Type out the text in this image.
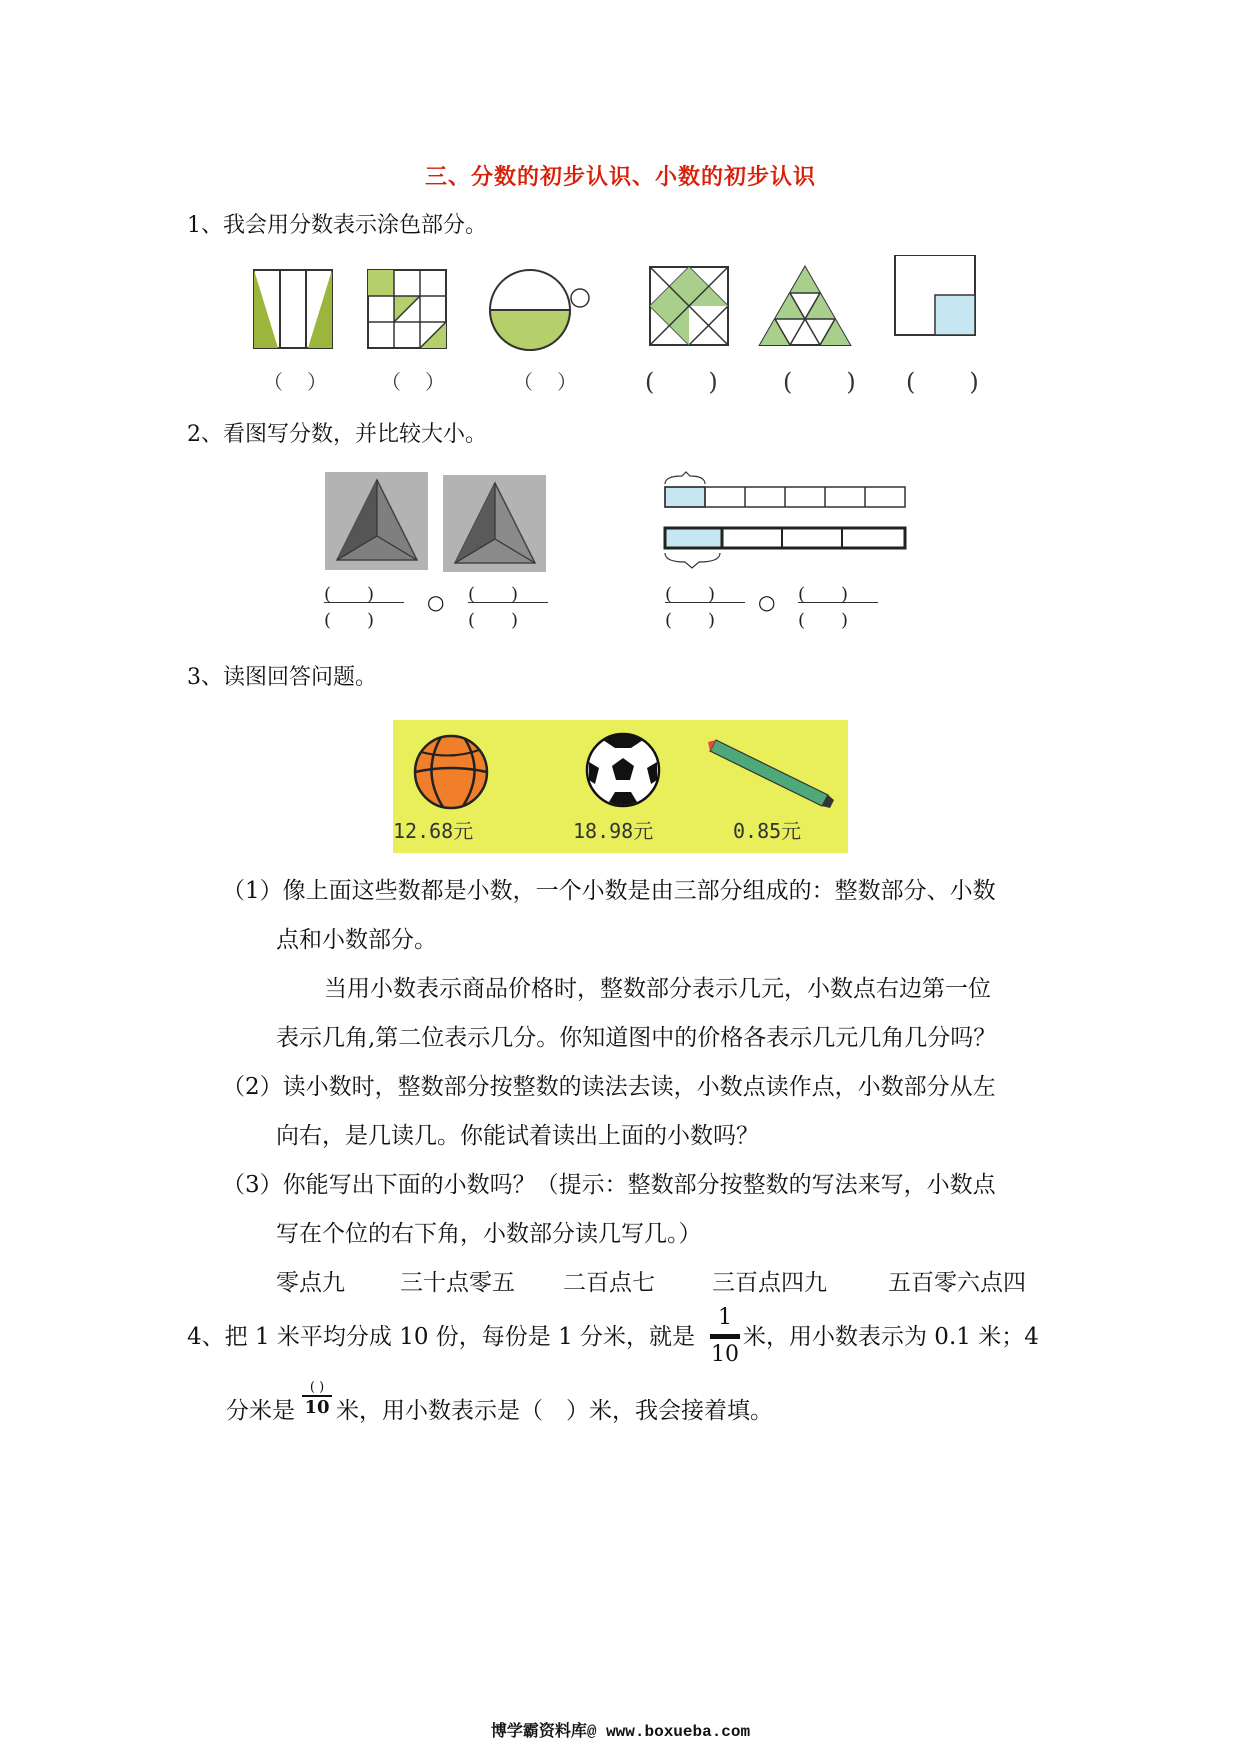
三、分数的初步认识、小数的初步认识
1、我会用分数表示涂色部分。
（　）	（　）	（　）	(　　)	(　　) (　　)
2、看图写分数，并比较大小。
(　　)
(　　)
○ (　　)
(　　)
(　　)
(　　)
○ (　　)
(　　)
3、读图回答问题。
12.68元	18.98元	0.85元
（1）像上面这些数都是小数，一个小数是由三部分组成的：整数部分、小数
点和小数部分。
当用小数表示商品价格时，整数部分表示几元，小数点右边第一位
表示几角,第二位表示几分。你知道图中的价格各表示几元几角几分吗？
（2）读小数时，整数部分按整数的读法去读，小数点读作点，小数部分从左
向右，是几读几。你能试着读出上面的小数吗？
（3）你能写出下面的小数吗？（提示：整数部分按整数的写法来写，小数点
写在个位的右下角，小数部分读几写几。）
零点九 三十点零五 二百点七 三百点四九	五百零六点四
4、把 1 米平均分成 10 份，每份是 1 分米，就是
1
10
米，用小数表示为 0.1 米；4
分米是
( )
10 米，用小数表示是（　）米，我会接着填。
博学霸资料库@ www.boxueba.com
